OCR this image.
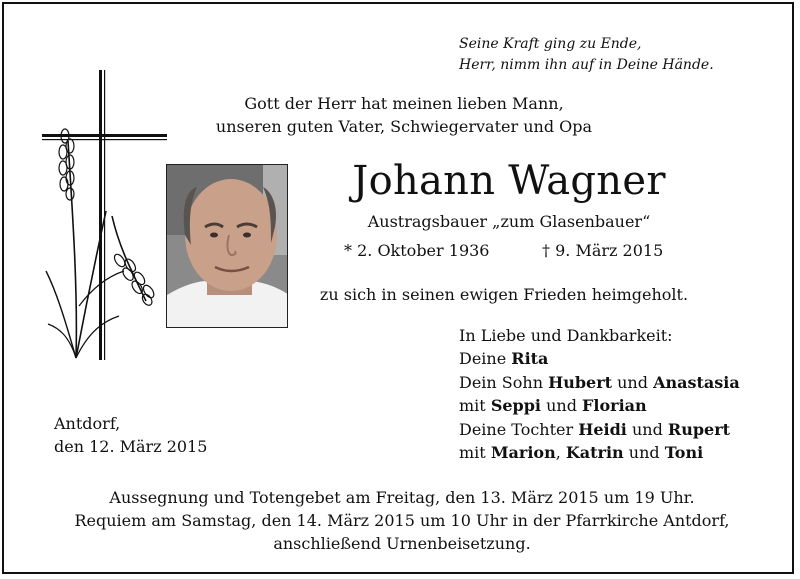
Seine Kraft ging zu Ende,
Herr, nimm ihn auf in Deine Hände.
Gott der Herr hat meinen lieben Mann,
unseren guten Vater, Schwiegervater und Opa
Johann Wagner
Austragsbauer „zum Glasenbauer“
* 2. Oktober 1936	† 9. März 2015
zu sich in seinen ewigen Frieden heimgeholt.
In Liebe und Dankbarkeit:
Deine Rita
Dein Sohn Hubert und Anastasia
mit Seppi und Florian
Deine Tochter Heidi und Rupert
mit Marion, Katrin und Toni
Antdorf,
den 12. März 2015
Aussegnung und Totengebet am Freitag, den 13. März 2015 um 19 Uhr.
Requiem am Samstag, den 14. März 2015 um 10 Uhr in der Pfarrkirche Antdorf,
anschließend Urnenbeisetzung.
